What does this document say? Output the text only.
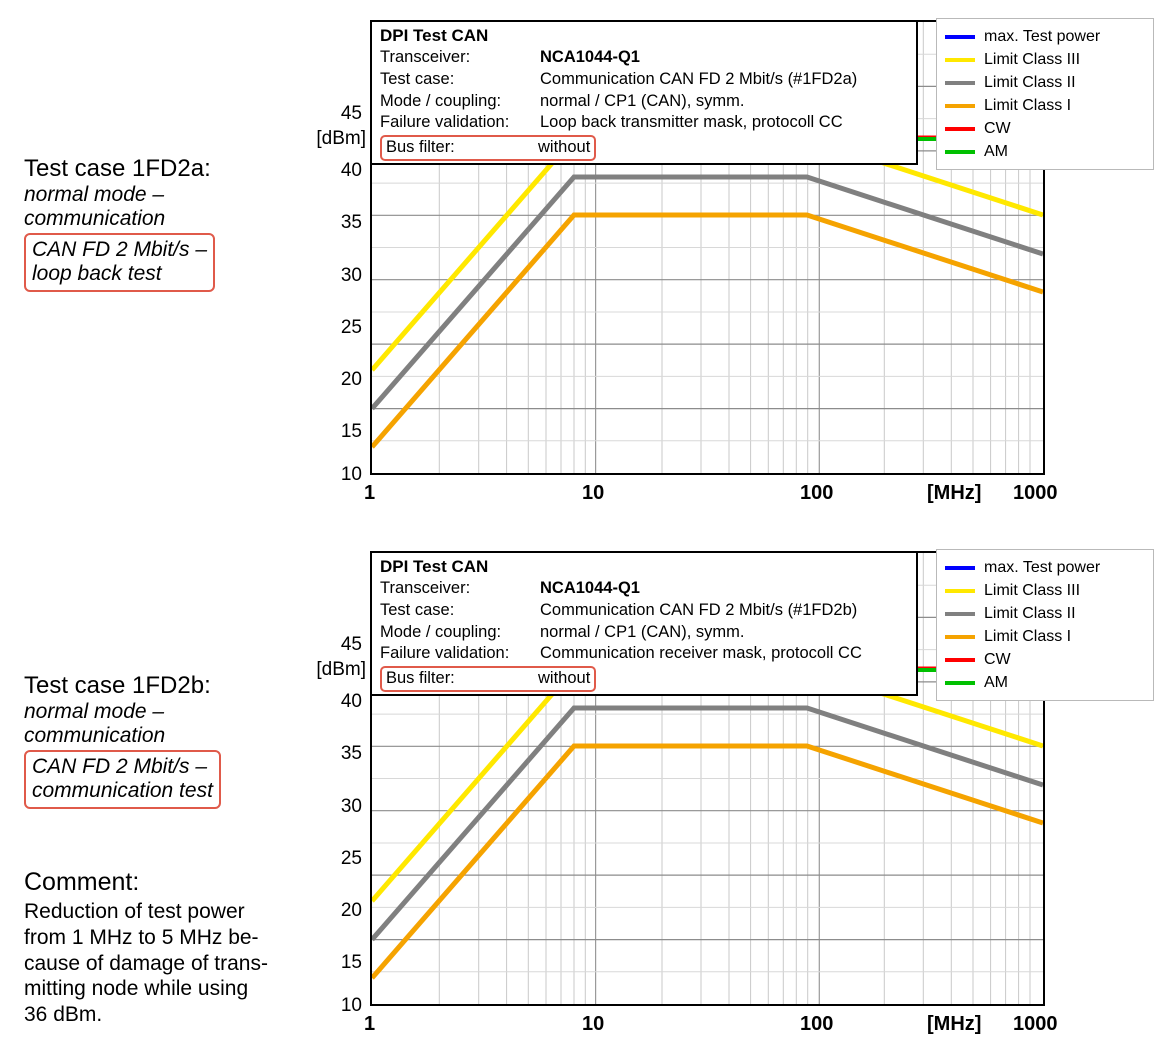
Test case 1FD2a:
normal mode –
communication
CAN FD 2 Mbit/s –
loop back test
Test case 1FD2b:
normal mode –
communication
CAN FD 2 Mbit/s –
communication test
Comment:
Reduction of test power
from 1 MHz to 5 MHz be-
cause of damage of trans-
mitting node while using
36 dBm.
45
[dBm]
40
35
30
25
20
15
10
1	10	100	1000
[MHz]
DPI Test CAN
Transceiver:	NCA1044-Q1
Test case:	Communication CAN FD 2 Mbit/s (#1FD2a)
Mode / coupling:	normal / CP1 (CAN), symm.
Failure validation:	Loop back transmitter mask, protocoll CC
Bus filter:	without
max. Test power
Limit Class III
Limit Class II
Limit Class I
CW
AM
45
[dBm]
40
35
30
25
20
15
10
1	10	100	1000
[MHz]
DPI Test CAN
Transceiver:	NCA1044-Q1
Test case:	Communication CAN FD 2 Mbit/s (#1FD2b)
Mode / coupling:	normal / CP1 (CAN), symm.
Failure validation:	Communication receiver mask, protocoll CC
Bus filter:	without
max. Test power
Limit Class III
Limit Class II
Limit Class I
CW
AM
